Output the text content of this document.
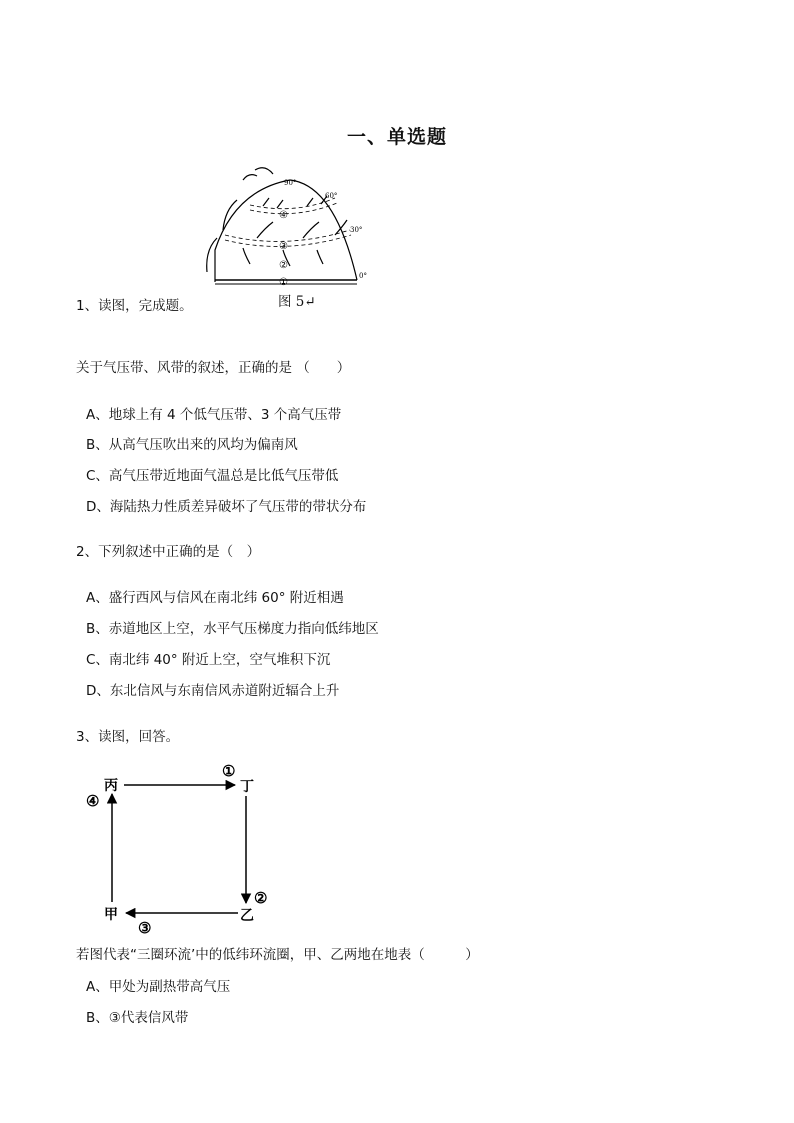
一、单选题
90°
60°
30°
0°
④
③
②
①
图 5↵
1、读图，完成题。
关于气压带、风带的叙述，正确的是 （　　）
A、地球上有 4 个低气压带、3 个高气压带
B、从高气压吹出来的风均为偏南风
C、高气压带近地面气温总是比低气压带低
D、海陆热力性质差异破坏了气压带的带状分布
2、下列叙述中正确的是（　）
A、盛行西风与信风在南北纬 60° 附近相遇
B、赤道地区上空，水平气压梯度力指向低纬地区
C、南北纬 40° 附近上空，空气堆积下沉
D、东北信风与东南信风赤道附近辐合上升
3、读图，回答。
丙	丁
甲	乙
①
②
③
④
若图代表“三圈环流’中的低纬环流圈，甲、乙两地在地表（　　　）
A、甲处为副热带高气压
B、③代表信风带
